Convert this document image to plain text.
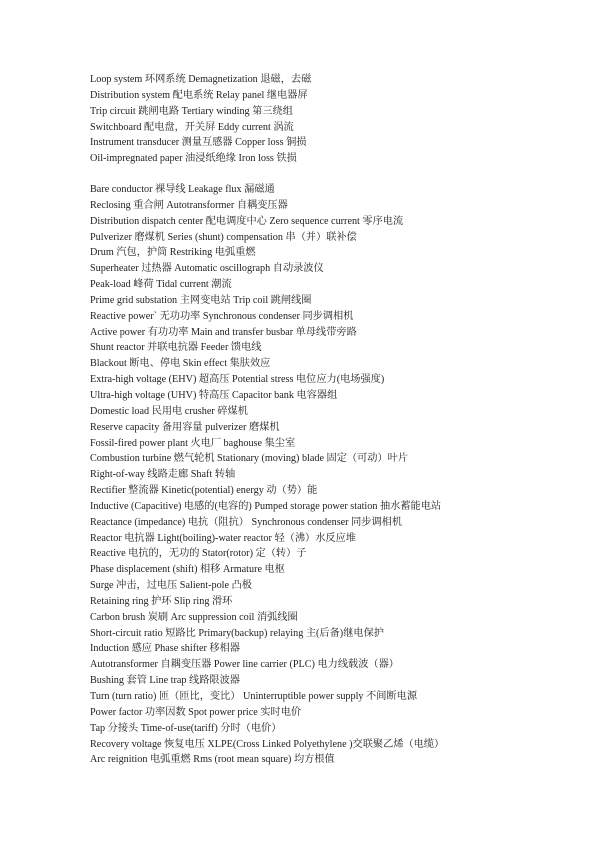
Loop system 环网系统 Demagnetization 退磁，去磁
Distribution system 配电系统 Relay panel 继电器屏
Trip circuit 跳闸电路 Tertiary winding 第三绕组
Switchboard 配电盘，开关屏 Eddy current 涡流
Instrument transducer 测量互感器 Copper loss 铜损
Oil-impregnated paper 油浸纸绝缘 Iron loss 铁损
Bare conductor 裸导线 Leakage flux 漏磁通
Reclosing 重合闸 Autotransformer 自耦变压器
Distribution dispatch center 配电调度中心 Zero sequence current 零序电流
Pulverizer 磨煤机 Series (shunt) compensation 串（并）联补偿
Drum 汽包，护筒 Restriking 电弧重燃
Superheater 过热器 Automatic oscillograph 自动录波仪
Peak-load 峰荷 Tidal current 潮流
Prime grid substation 主网变电站 Trip coil 跳闸线圈
Reactive power` 无功功率 Synchronous condenser 同步调相机
Active power 有功功率 Main and transfer busbar 单母线带旁路
Shunt reactor 并联电抗器 Feeder 馈电线
Blackout 断电、停电 Skin effect 集肤效应
Extra-high voltage (EHV) 超高压 Potential stress 电位应力(电场强度)
Ultra-high voltage (UHV) 特高压 Capacitor bank 电容器组
Domestic load 民用电 crusher 碎煤机
Reserve capacity 备用容量 pulverizer 磨煤机
Fossil-fired power plant 火电厂 baghouse 集尘室
Combustion turbine 燃气轮机 Stationary (moving) blade 固定（可动）叶片
Right-of-way 线路走廊 Shaft 转轴
Rectifier 整流器 Kinetic(potential) energy 动（势）能
Inductive (Capacitive) 电感的(电容的) Pumped storage power station 抽水蓄能电站
Reactance (impedance) 电抗（阻抗） Synchronous condenser 同步调相机
Reactor 电抗器 Light(boiling)-water reactor 轻（沸）水反应堆
Reactive 电抗的，无功的 Stator(rotor) 定（转）子
Phase displacement (shift) 相移 Armature 电枢
Surge 冲击，过电压 Salient-pole 凸极
Retaining ring 护环 Slip ring 滑环
Carbon brush 炭刷 Arc suppression coil 消弧线圈
Short-circuit ratio 短路比 Primary(backup) relaying 主(后备)继电保护
Induction 感应 Phase shifter 移相器
Autotransformer 自耦变压器 Power line carrier (PLC) 电力线载波（器）
Bushing 套管 Line trap 线路限波器
Turn (turn ratio) 匝（匝比，变比） Uninterruptible power supply 不间断电源
Power factor 功率因数 Spot power price 实时电价
Tap 分接头 Time-of-use(tariff) 分时（电价）
Recovery voltage 恢复电压 XLPE(Cross Linked Polyethylene )交联聚乙烯（电缆）
Arc reignition 电弧重燃 Rms (root mean square) 均方根值
